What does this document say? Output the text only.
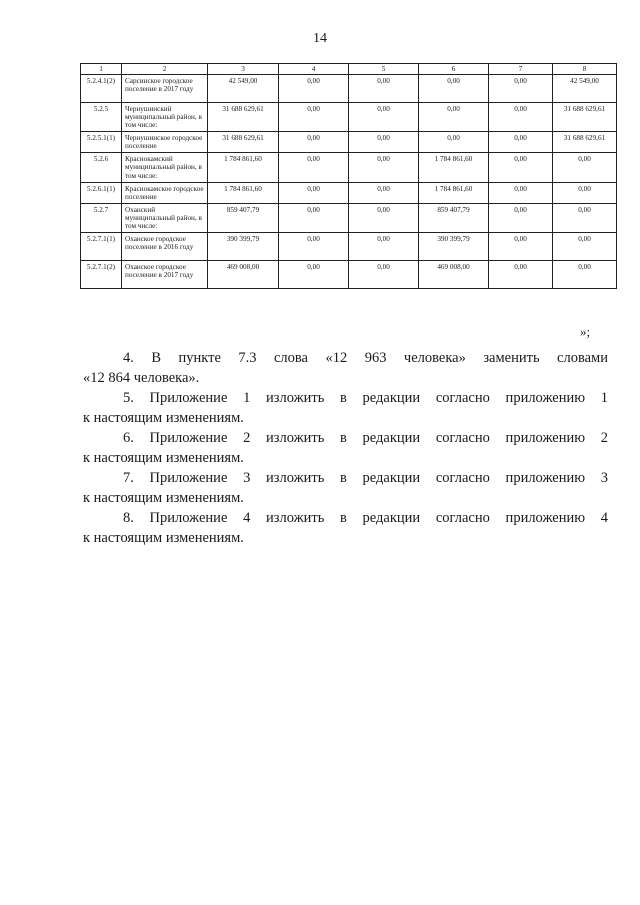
14
1	2	3	4	5	6	7	8
5.2.4.1(2)	Сарсинское городское поселение в 2017 году	42 549,00	0,00	0,00	0,00	0,00	42 549,00
5.2.5	Чернушинский муниципальный район, в том числе:	31 688 629,61	0,00	0,00	0,00	0,00	31 688 629,61
5.2.5.1(1)	Чернушинское городское поселение	31 688 629,61	0,00	0,00	0,00	0,00	31 688 629,61
5.2.6	Краснокамский муниципальный район, в том числе:	1 784 861,60	0,00	0,00	1 784 861,60	0,00	0,00
5.2.6.1(1)	Краснокамское городское поселение	1 784 861,60	0,00	0,00	1 784 861,60	0,00	0,00
5.2.7	Оханский муниципальный район, в том числе:	859 407,79	0,00	0,00	859 407,79	0,00	0,00
5.2.7.1(1)	Оханское городское поселение в 2016 году	390 399,79	0,00	0,00	390 399,79	0,00	0,00
5.2.7.1(2)	Оханское городское поселение в 2017 году	469 008,00	0,00	0,00	469 008,00	0,00	0,00
»;

4. В пункте 7.3 слова «12 963 человека» заменить словами

«12 864 человека».

5. Приложение 1 изложить в редакции согласно приложению 1

к настоящим изменениям.

6. Приложение 2 изложить в редакции согласно приложению 2

к настоящим изменениям.

7. Приложение 3 изложить в редакции согласно приложению 3

к настоящим изменениям.

8. Приложение 4 изложить в редакции согласно приложению 4

к настоящим изменениям.
